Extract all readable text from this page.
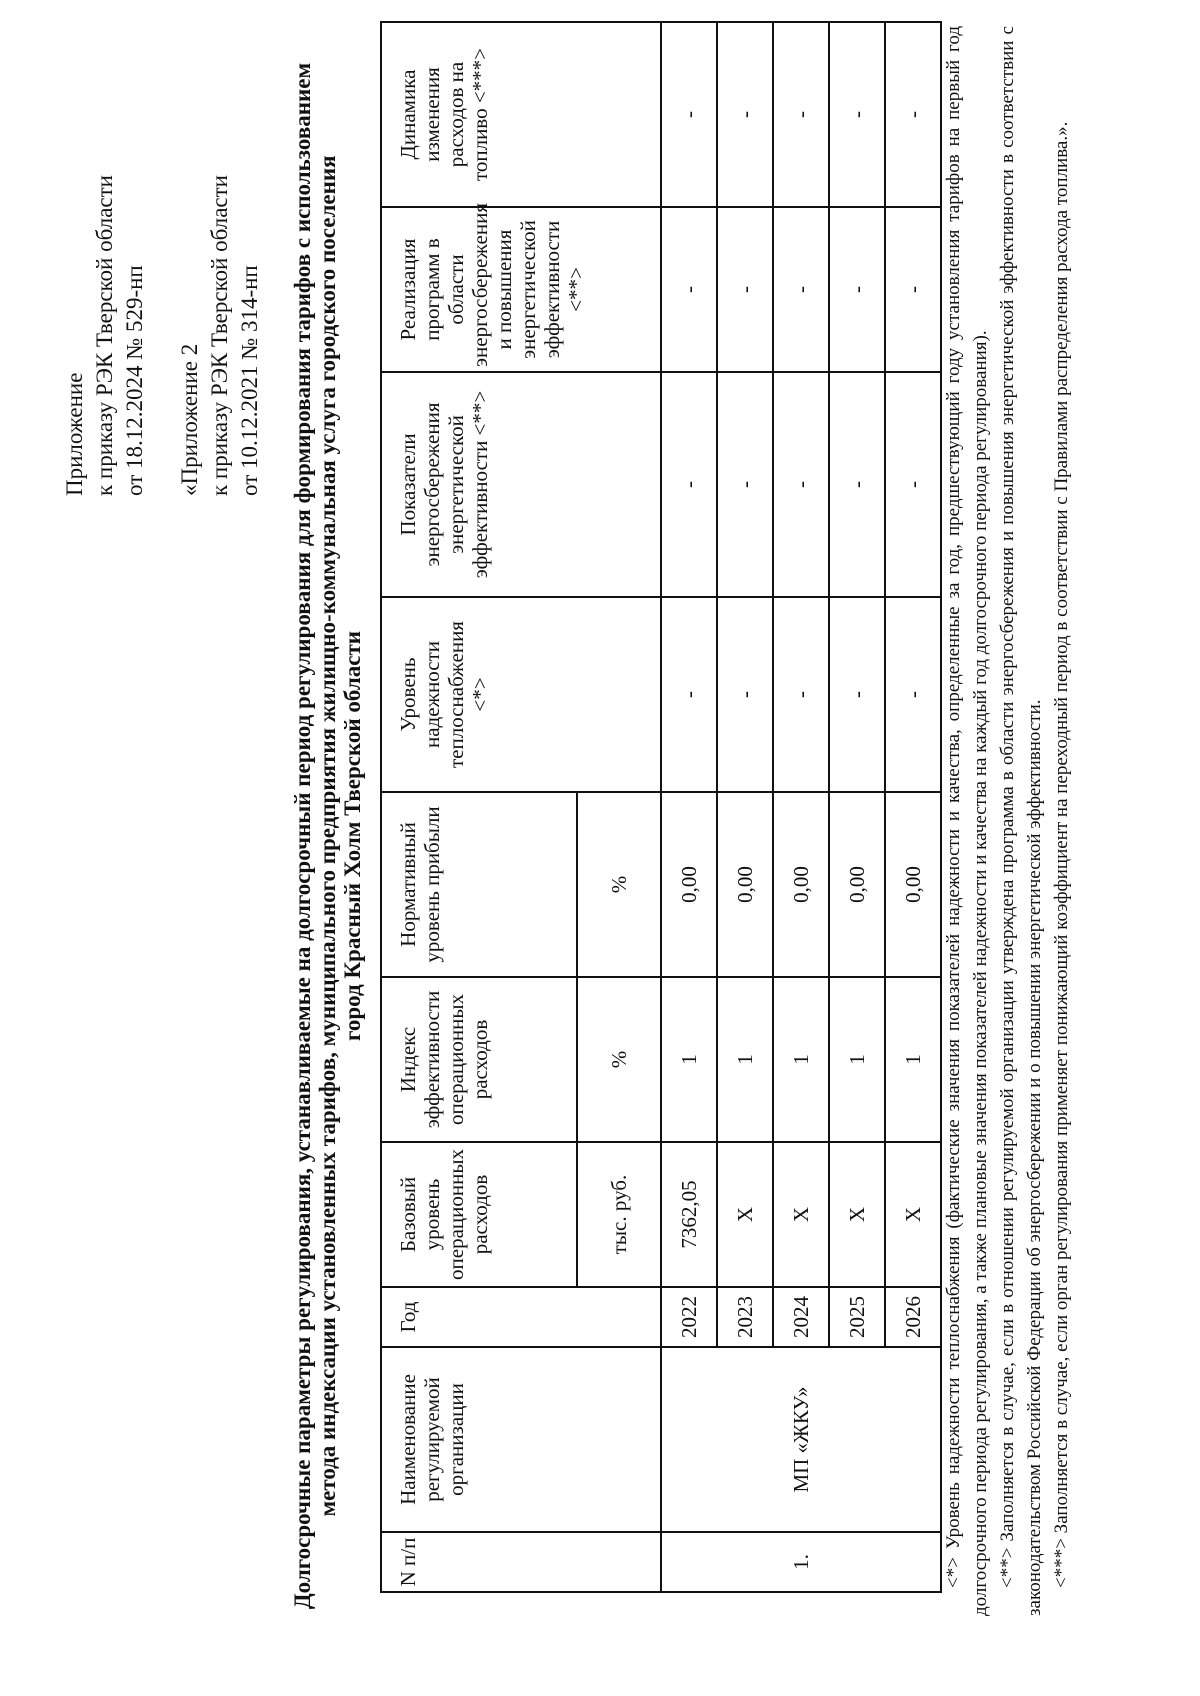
Приложение к приказу РЭК Тверской области от 18.12.2024 № 529-нп «Приложение 2 к приказу РЭК Тверской области от 10.12.2021 № 314-нп Долгосрочные параметры регулирования, устанавливаемые на долгосрочный период регулирования для формирования тарифов с использованием метода индексации установленных тарифов, муниципального предприятия жилищно-коммунальная услуга городского поселения город Красный Холм Тверской области

N п/п	Наименование регулируемой организации	Год	Базовый уровень операционных расходов	Индекс эффективности операционных расходов	Нормативный уровень прибыли	Уровень надежности теплоснабжения <*>	Показатели энергосбережения энергетической эффективности <**>	Реализация программ в области энергосбережения и повышения энергетической эффективности <**>	Динамика изменения расходов на топливо <***>
			тыс. руб.	%	%				
1.	МП «ЖКУ»	2022	7362,05	1	0,00	-	-	-	-
		2023	Х	1	0,00	-	-	-	-
		2024	Х	1	0,00	-	-	-	-
		2025	Х	1	0,00	-	-	-	-
		2026	Х	1	0,00	-	-	-	- <*> Уровень надежности теплоснабжения (фактические значения показателей надежности и качества, определенные за год, предшествующий году установления тарифов на первый год долгосрочного периода регулирования, а также плановые значения показателей надежности и качества на каждый год долгосрочного периода регулирования). <**> Заполняется в случае, если в отношении регулируемой организации утверждена программа в области энергосбережения и повышения энергетической эффективности в соответствии с законодательством Российской Федерации об энергосбережении и о повышении энергетической эффективности. <***> Заполняется в случае, если орган регулирования применяет понижающий коэффициент на переходный период в соответствии с Правилами распределения расхода топлива.».
